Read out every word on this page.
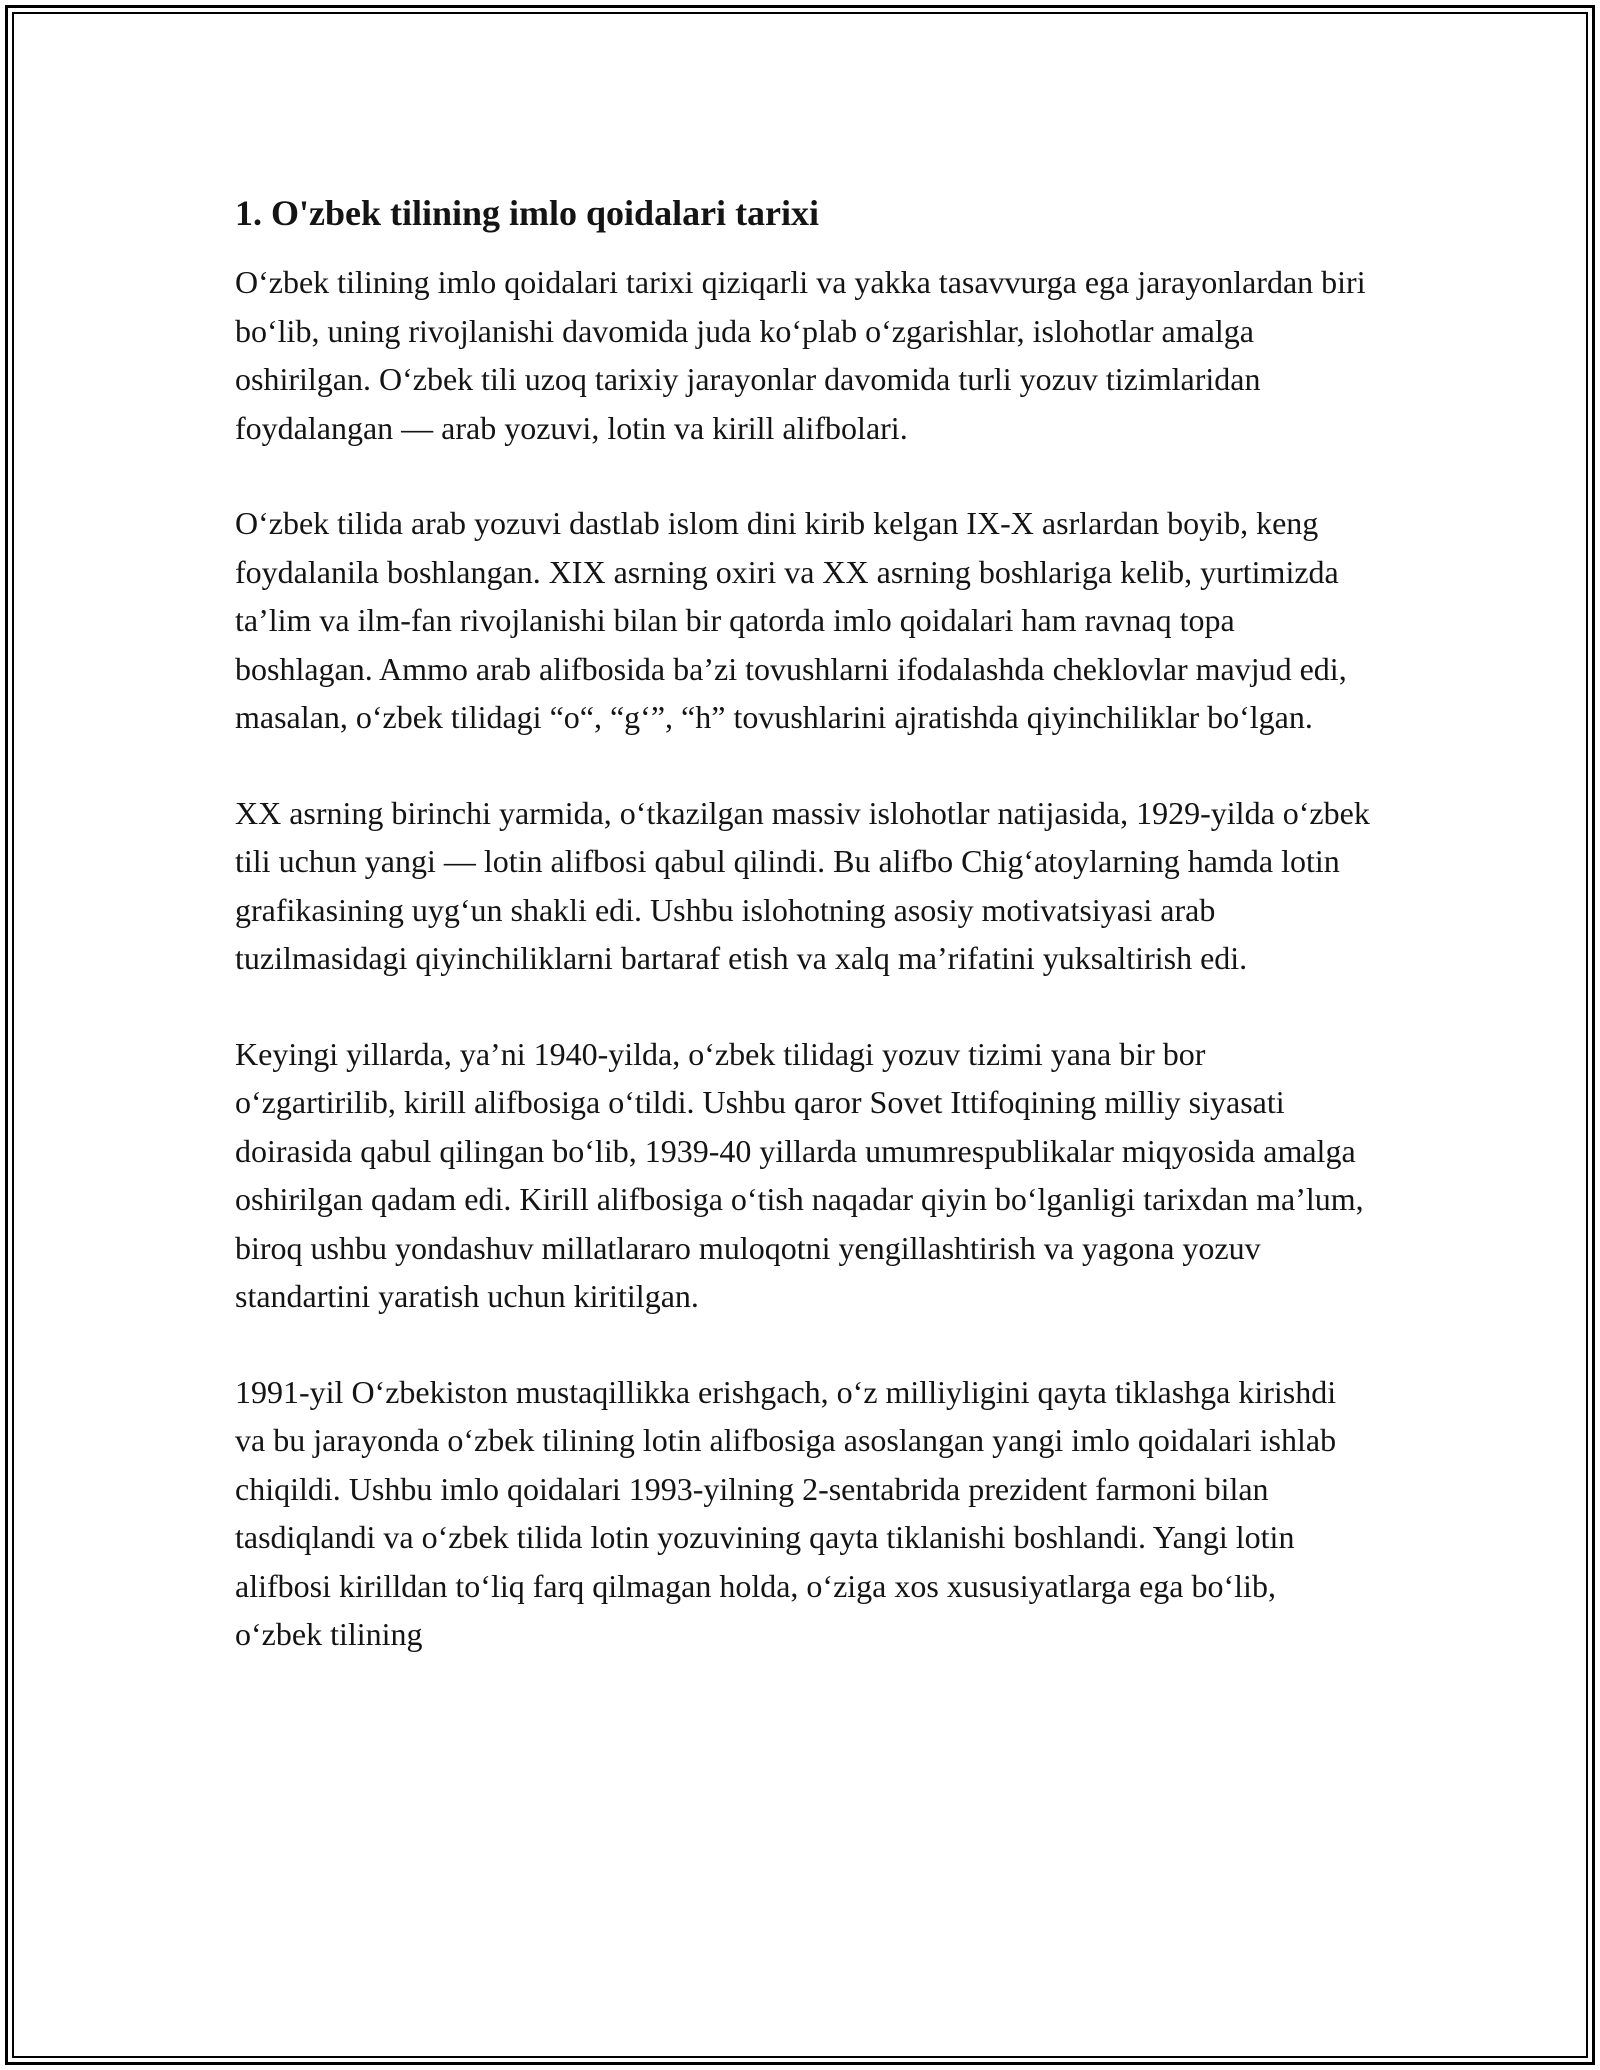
1. O'zbek tilining imlo qoidalari tarixi

O‘zbek tilining imlo qoidalari tarixi qiziqarli va yakka tasavvurga ega jarayonlardan biri bo‘lib, uning rivojlanishi davomida juda ko‘plab o‘zgarishlar, islohotlar amalga oshirilgan. O‘zbek tili uzoq tarixiy jarayonlar davomida turli yozuv tizimlaridan foydalangan — arab yozuvi, lotin va kirill alifbolari.

O‘zbek tilida arab yozuvi dastlab islom dini kirib kelgan IX-X asrlardan boyib, keng foydalanila boshlangan. XIX asrning oxiri va XX asrning boshlariga kelib, yurtimizda ta’lim va ilm-fan rivojlanishi bilan bir qatorda imlo qoidalari ham ravnaq topa boshlagan. Ammo arab alifbosida ba’zi tovushlarni ifodalashda cheklovlar mavjud edi, masalan, o‘zbek tilidagi “o“, “g‘”, “h” tovushlarini ajratishda qiyinchiliklar bo‘lgan.

XX asrning birinchi yarmida, o‘tkazilgan massiv islohotlar natijasida, 1929-yilda o‘zbek tili uchun yangi — lotin alifbosi qabul qilindi. Bu alifbo Chig‘atoylarning hamda lotin grafikasining uyg‘un shakli edi. Ushbu islohotning asosiy motivatsiyasi arab tuzilmasidagi qiyinchiliklarni bartaraf etish va xalq ma’rifatini yuksaltirish edi.

Keyingi yillarda, ya’ni 1940-yilda, o‘zbek tilidagi yozuv tizimi yana bir bor o‘zgartirilib, kirill alifbosiga o‘tildi. Ushbu qaror Sovet Ittifoqining milliy siyasati doirasida qabul qilingan bo‘lib, 1939-40 yillarda umumrespublikalar miqyosida amalga oshirilgan qadam edi. Kirill alifbosiga o‘tish naqadar qiyin bo‘lganligi tarixdan ma’lum, biroq ushbu yondashuv millatlararo muloqotni yengillashtirish va yagona yozuv standartini yaratish uchun kiritilgan.

1991-yil O‘zbekiston mustaqillikka erishgach, o‘z milliyligini qayta tiklashga kirishdi va bu jarayonda o‘zbek tilining lotin alifbosiga asoslangan yangi imlo qoidalari ishlab chiqildi. Ushbu imlo qoidalari 1993-yilning 2-sentabrida prezident farmoni bilan tasdiqlandi va o‘zbek tilida lotin yozuvining qayta tiklanishi boshlandi. Yangi lotin alifbosi kirilldan to‘liq farq qilmagan holda, o‘ziga xos xususiyatlarga ega bo‘lib, o‘zbek tilining
